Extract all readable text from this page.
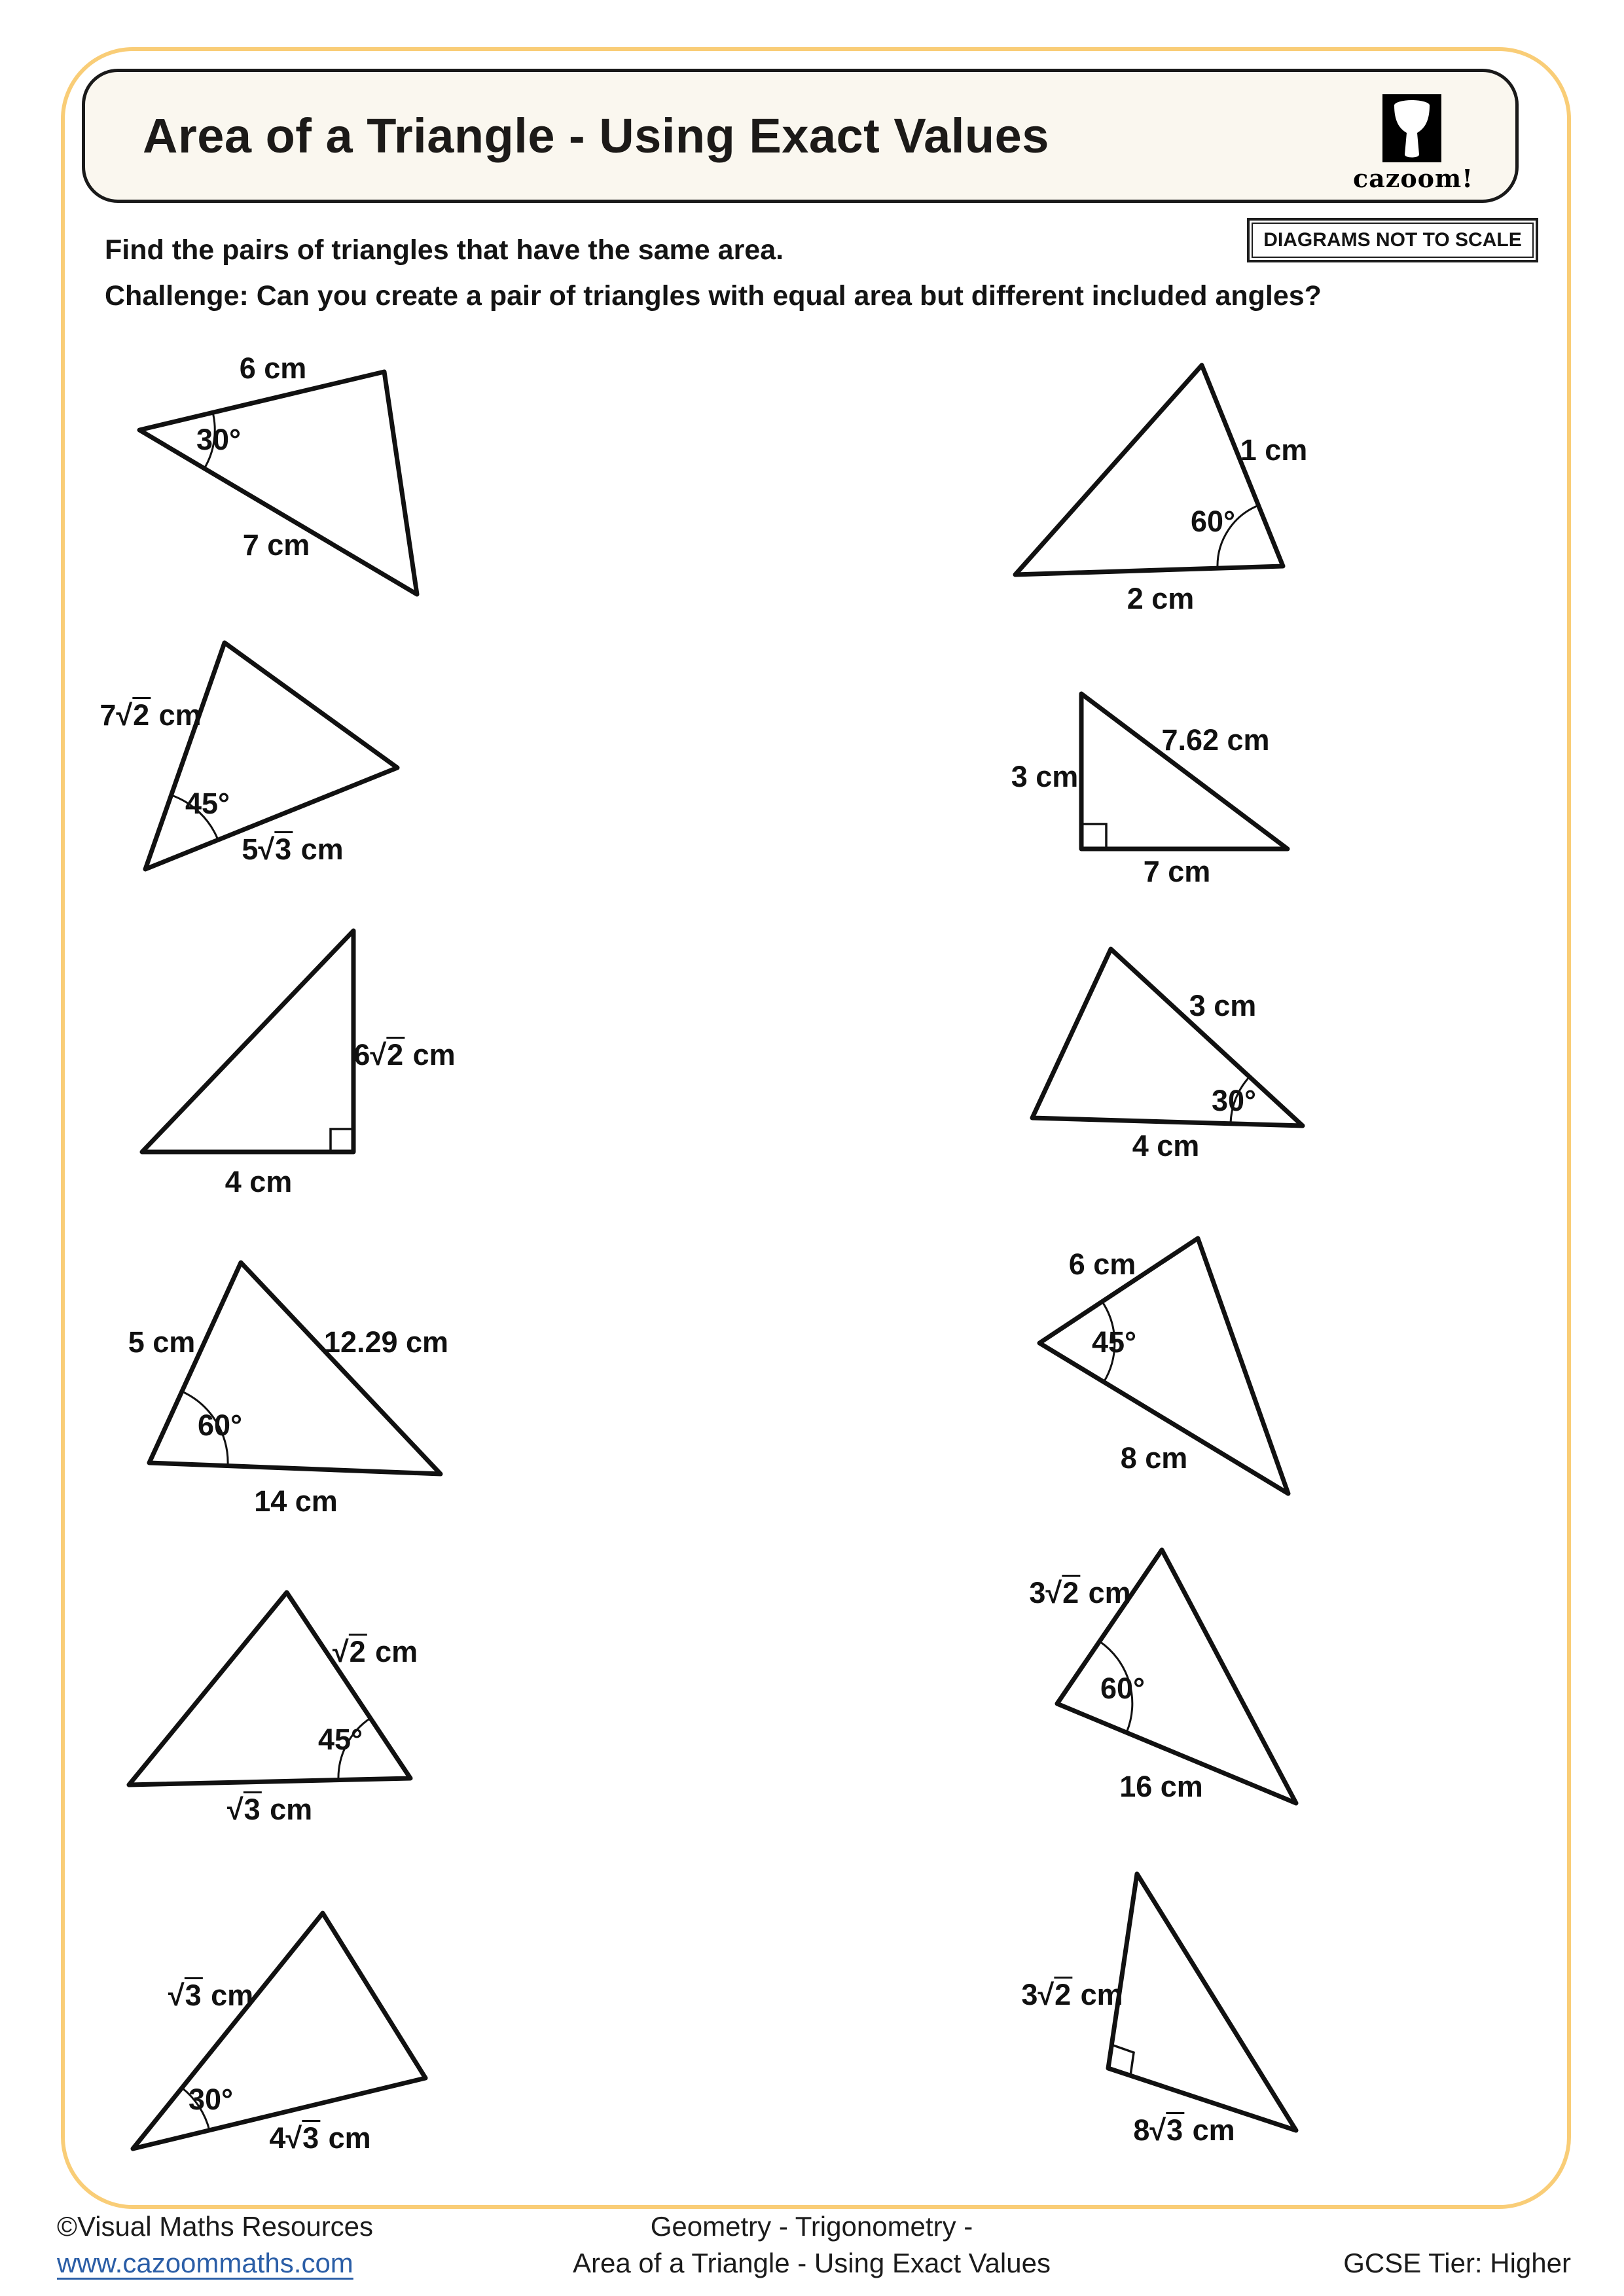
Area of a Triangle - Using Exact Values
cazoom!
DIAGRAMS NOT TO SCALE

Find the pairs of triangles that have the same area.

Challenge: Can you create a pair of triangles with equal area but different included angles?

6 cm
30°
7 cm
1 cm
60°
2 cm
7√2 cm
45°
5√3 cm
3 cm
7.62 cm
7 cm
6√2 cm
4 cm
3 cm
30°
4 cm
5 cm	12.29 cm
60°
14 cm
6 cm
45°
8 cm
√2 cm
45°
√3 cm
3√2 cm
60°
16 cm
√3 cm
30°
4√3 cm
3√2 cm
8√3 cm
©Visual Maths Resources
www.cazoommaths.com
Geometry - Trigonometry -
Area of a Triangle - Using Exact Values	GCSE Tier: Higher
